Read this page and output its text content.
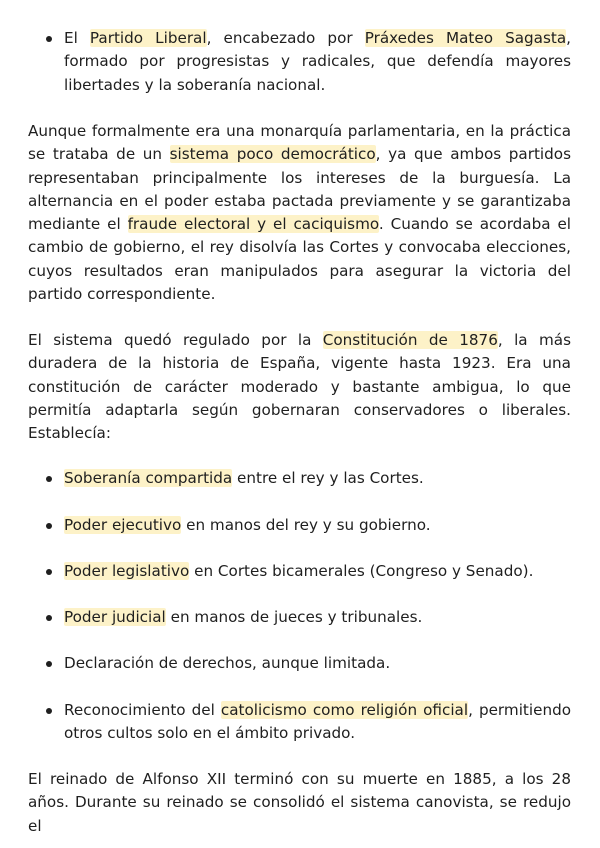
El Partido Liberal, encabezado por Práxedes Mateo Sagasta, formado por progresistas y radicales, que defendía mayores libertades y la soberanía nacional.

Aunque formalmente era una monarquía parlamentaria, en la práctica se trataba de un sistema poco democrático, ya que ambos partidos representaban principalmente los intereses de la burguesía. La alternancia en el poder estaba pactada previamente y se garantizaba mediante el fraude electoral y el caciquismo. Cuando se acordaba el cambio de gobierno, el rey disolvía las Cortes y convocaba elecciones, cuyos resultados eran manipulados para asegurar la victoria del partido correspondiente.

El sistema quedó regulado por la Constitución de 1876, la más duradera de la historia de España, vigente hasta 1923. Era una constitución de carácter moderado y bastante ambigua, lo que permitía adaptarla según gobernaran conservadores o liberales. Establecía:

Soberanía compartida entre el rey y las Cortes.

Poder ejecutivo en manos del rey y su gobierno.

Poder legislativo en Cortes bicamerales (Congreso y Senado).

Poder judicial en manos de jueces y tribunales.

Declaración de derechos, aunque limitada.

Reconocimiento del catolicismo como religión oficial, permitiendo otros cultos solo en el ámbito privado.

El reinado de Alfonso XII terminó con su muerte en 1885, a los 28 años. Durante su reinado se consolidó el sistema canovista, se redujo el
